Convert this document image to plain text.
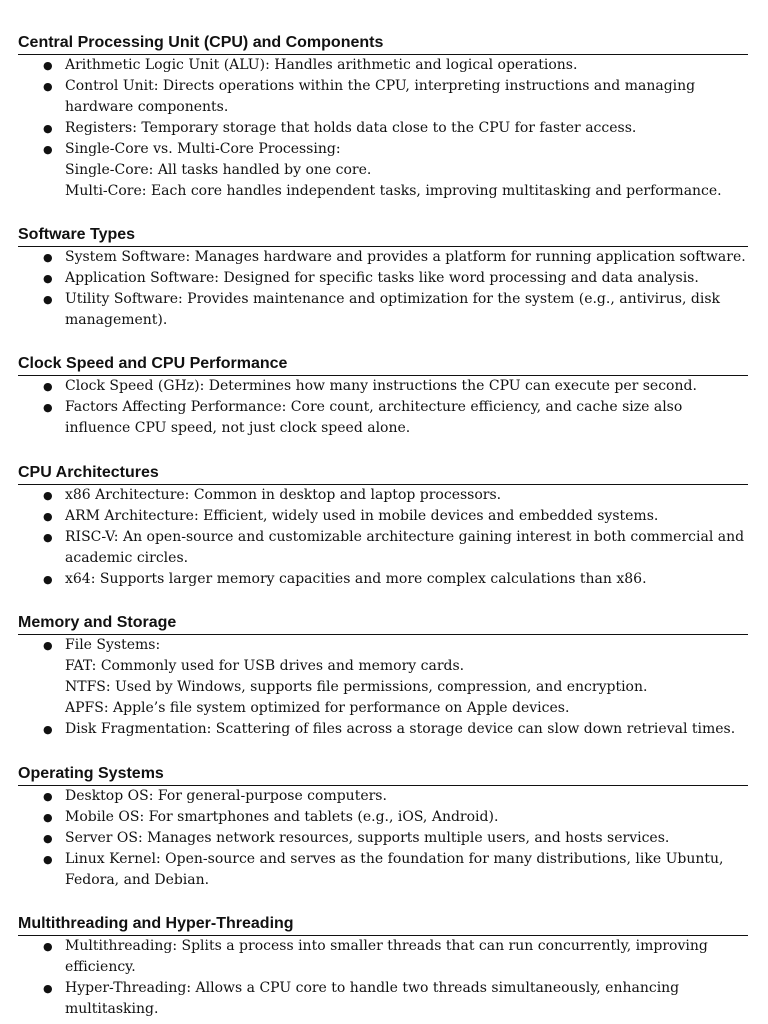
Central Processing Unit (CPU) and Components
● Arithmetic Logic Unit (ALU): Handles arithmetic and logical operations.
● Control Unit: Directs operations within the CPU, interpreting instructions and managing hardware components.
● Registers: Temporary storage that holds data close to the CPU for faster access.
● Single-Core vs. Multi-Core Processing:
Single-Core: All tasks handled by one core.
Multi-Core: Each core handles independent tasks, improving multitasking and performance.
Software Types
● System Software: Manages hardware and provides a platform for running application software.
● Application Software: Designed for specific tasks like word processing and data analysis.
● Utility Software: Provides maintenance and optimization for the system (e.g., antivirus, disk management).
Clock Speed and CPU Performance
● Clock Speed (GHz): Determines how many instructions the CPU can execute per second.
● Factors Affecting Performance: Core count, architecture efficiency, and cache size also influence CPU speed, not just clock speed alone.
CPU Architectures
● x86 Architecture: Common in desktop and laptop processors.
● ARM Architecture: Efficient, widely used in mobile devices and embedded systems.
● RISC-V: An open-source and customizable architecture gaining interest in both commercial and academic circles.
● x64: Supports larger memory capacities and more complex calculations than x86.
Memory and Storage
● File Systems:
FAT: Commonly used for USB drives and memory cards.
NTFS: Used by Windows, supports file permissions, compression, and encryption.
APFS: Apple’s file system optimized for performance on Apple devices.
● Disk Fragmentation: Scattering of files across a storage device can slow down retrieval times.
Operating Systems
● Desktop OS: For general-purpose computers.
● Mobile OS: For smartphones and tablets (e.g., iOS, Android).
● Server OS: Manages network resources, supports multiple users, and hosts services.
● Linux Kernel: Open-source and serves as the foundation for many distributions, like Ubuntu, Fedora, and Debian.
Multithreading and Hyper-Threading
● Multithreading: Splits a process into smaller threads that can run concurrently, improving efficiency.
● Hyper-Threading: Allows a CPU core to handle two threads simultaneously, enhancing multitasking.
